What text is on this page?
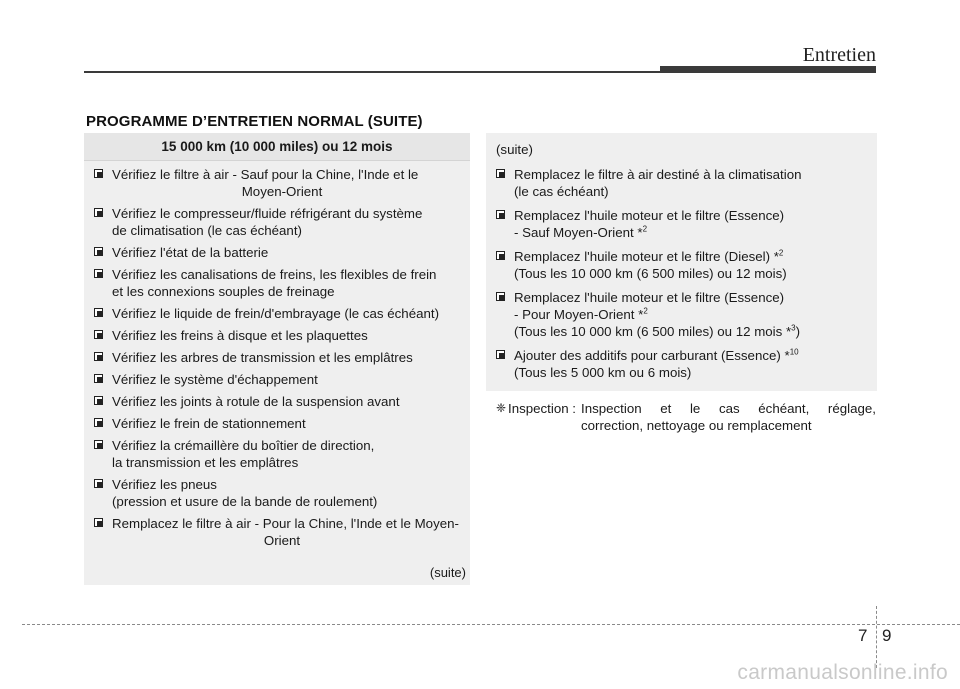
Entretien
PROGRAMME D’ENTRETIEN NORMAL (SUITE)
15 000 km (10 000 miles) ou 12 mois
Vérifiez le filtre à air - Sauf pour la Chine, l'Inde et le
Moyen-Orient
Vérifiez le compresseur/fluide réfrigérant du système
de climatisation (le cas échéant)
Vérifiez l'état de la batterie
Vérifiez les canalisations de freins, les flexibles de frein
et les connexions souples de freinage
Vérifiez le liquide de frein/d'embrayage (le cas échéant)
Vérifiez les freins à disque et les plaquettes
Vérifiez les arbres de transmission et les emplâtres
Vérifiez le système d'échappement
Vérifiez les joints à rotule de la suspension avant
Vérifiez le frein de stationnement
Vérifiez la crémaillère du boîtier de direction,
la transmission et les emplâtres
Vérifiez les pneus
(pression et usure de la bande de roulement)
Remplacez le filtre à air - Pour la Chine, l'Inde et le Moyen-
Orient
(suite)
(suite)
Remplacez le filtre à air destiné à la climatisation
(le cas échéant)
Remplacez l'huile moteur et le filtre (Essence)
- Sauf Moyen-Orient *$^2$
Remplacez l'huile moteur et le filtre (Diesel) *$^2$
(Tous les 10 000 km (6 500 miles) ou 12 mois)
Remplacez l'huile moteur et le filtre (Essence)
- Pour Moyen-Orient *$^2$
(Tous les 10 000 km (6 500 miles) ou 12 mois *$^3$)
Ajouter des additifs pour carburant (Essence) *$^{10}$
(Tous les 5 000 km ou 6 mois)
❈ Inspection : Inspection et le cas échéant, réglage,
correction, nettoyage ou remplacement
7 9
carmanualsonline.info
